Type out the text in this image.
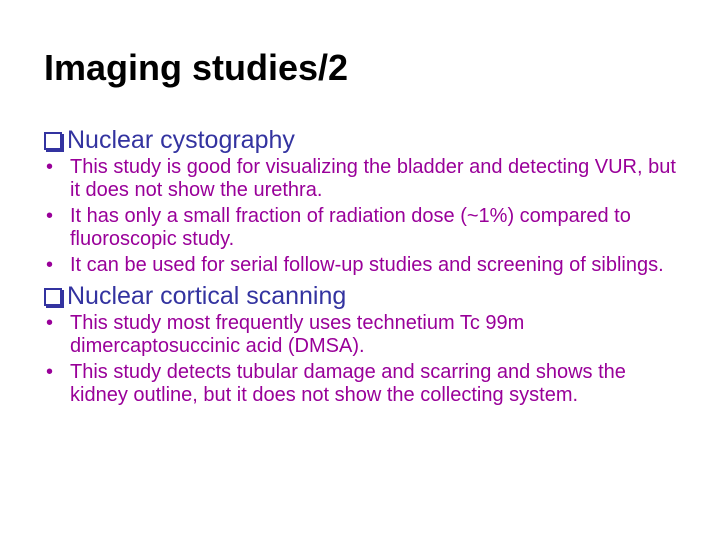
Imaging studies/2
Nuclear cystography
• This study is good for visualizing the bladder and detecting VUR, but it does not show the urethra.
• It has only a small fraction of radiation dose (~1%) compared to fluoroscopic study.
• It can be used for serial follow-up studies and screening of siblings.
Nuclear cortical scanning
• This study most frequently uses technetium Tc 99m dimercaptosuccinic acid (DMSA).
• This study detects tubular damage and scarring and shows the kidney outline, but it does not show the collecting system.
